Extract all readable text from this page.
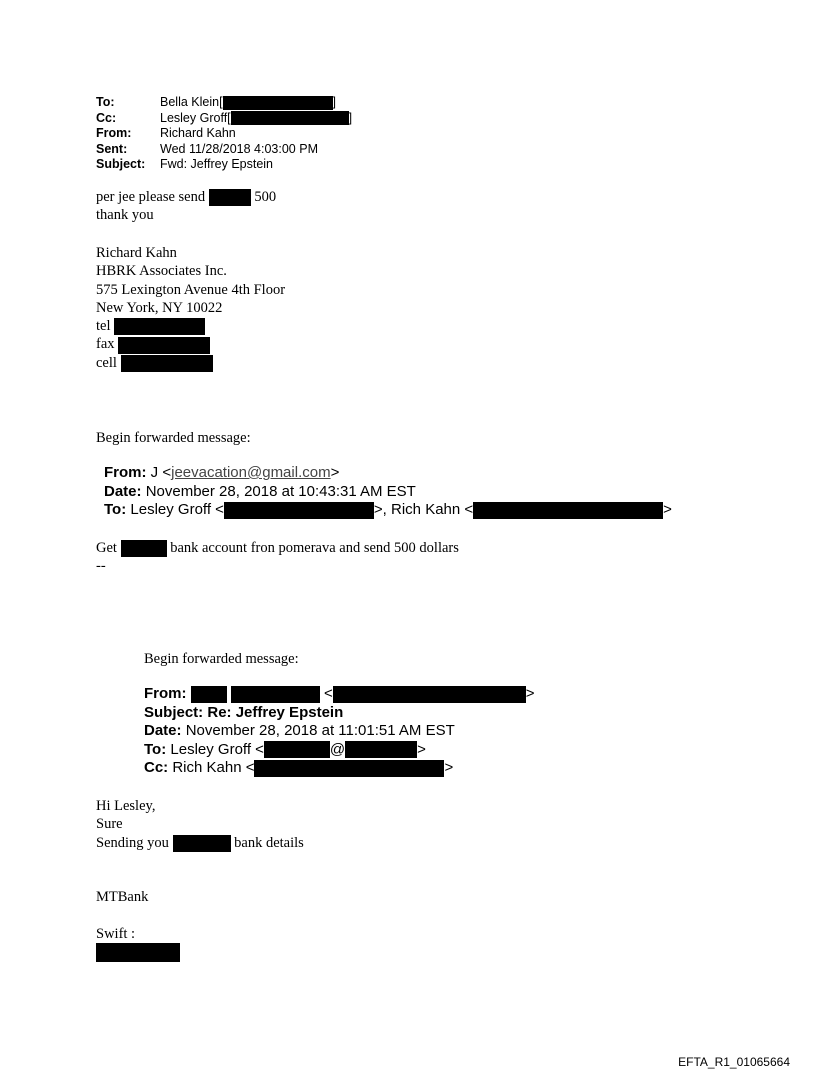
To:	Bella Klein[	]
Cc:	Lesley Groff[	]
From: Richard Kahn
Sent:	Wed 11/28/2018 4:03:00 PM
Subject: Fwd: Jeffrey Epstein
per jee please send	500
thank you
Richard Kahn
HBRK Associates Inc.
575 Lexington Avenue 4th Floor
New York, NY 10022
tel
fax
cell
Begin forwarded message:
From: J <jeevacation@gmail.com>
Date: November 28, 2018 at 10:43:31 AM EST
To: Lesley Groff <	>, Rich Kahn <	>
Get	bank account fron pomerava and send 500 dollars
--
Begin forwarded message:
From:	<	>
Subject: Re: Jeffrey Epstein
Date: November 28, 2018 at 11:01:51 AM EST
To: Lesley Groff <	@	>
Cc: Rich Kahn <	>
Hi Lesley,
Sure
Sending you	bank details
MTBank
Swift :
EFTA_R1_01065664
